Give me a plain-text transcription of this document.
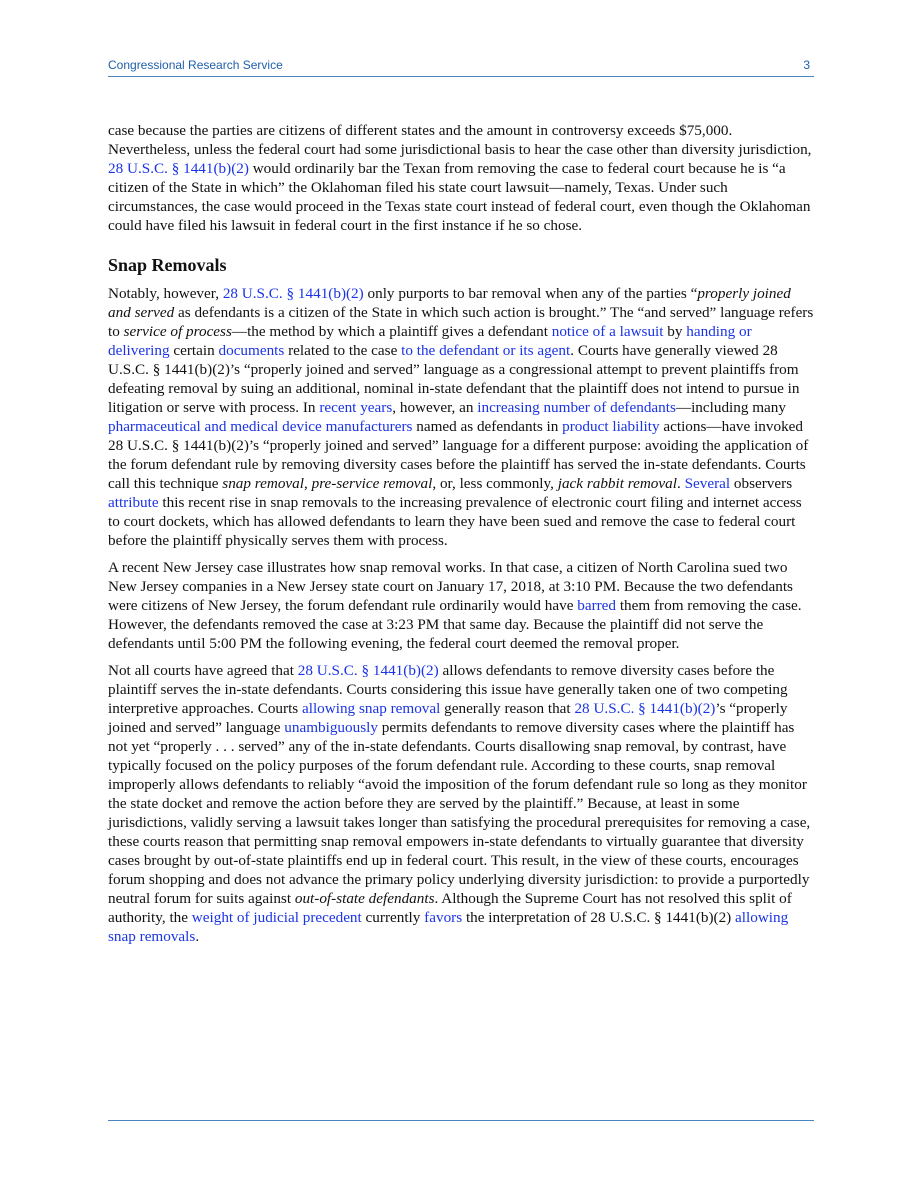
Congressional Research Service	3

case because the parties are citizens of different states and the amount in controversy exceeds $75,000. Nevertheless, unless the federal court had some jurisdictional basis to hear the case other than diversity jurisdiction, 28 U.S.C. § 1441(b)(2) would ordinarily bar the Texan from removing the case to federal court because he is “a citizen of the State in which” the Oklahoman filed his state court lawsuit—namely, Texas. Under such circumstances, the case would proceed in the Texas state court instead of federal court, even though the Oklahoman could have filed his lawsuit in federal court in the first instance if he so chose.

Snap Removals

Notably, however, 28 U.S.C. § 1441(b)(2) only purports to bar removal when any of the parties “properly joined and served as defendants is a citizen of the State in which such action is brought.” The “and served” language refers to service of process—the method by which a plaintiff gives a defendant notice of a lawsuit by handing or delivering certain documents related to the case to the defendant or its agent. Courts have generally viewed 28 U.S.C. § 1441(b)(2)’s “properly joined and served” language as a congressional attempt to prevent plaintiffs from defeating removal by suing an additional, nominal in-state defendant that the plaintiff does not intend to pursue in litigation or serve with process. In recent years, however, an increasing number of defendants—including many pharmaceutical and medical device manufacturers named as defendants in product liability actions—have invoked 28 U.S.C. § 1441(b)(2)’s “properly joined and served” language for a different purpose: avoiding the application of the forum defendant rule by removing diversity cases before the plaintiff has served the in-state defendants. Courts call this technique snap removal, pre-service removal, or, less commonly, jack rabbit removal. Several observers attribute this recent rise in snap removals to the increasing prevalence of electronic court filing and internet access to court dockets, which has allowed defendants to learn they have been sued and remove the case to federal court before the plaintiff physically serves them with process.

A recent New Jersey case illustrates how snap removal works. In that case, a citizen of North Carolina sued two New Jersey companies in a New Jersey state court on January 17, 2018, at 3:10 PM. Because the two defendants were citizens of New Jersey, the forum defendant rule ordinarily would have barred them from removing the case. However, the defendants removed the case at 3:23 PM that same day. Because the plaintiff did not serve the defendants until 5:00 PM the following evening, the federal court deemed the removal proper.

Not all courts have agreed that 28 U.S.C. § 1441(b)(2) allows defendants to remove diversity cases before the plaintiff serves the in-state defendants. Courts considering this issue have generally taken one of two competing interpretive approaches. Courts allowing snap removal generally reason that 28 U.S.C. § 1441(b)(2)’s “properly joined and served” language unambiguously permits defendants to remove diversity cases where the plaintiff has not yet “properly . . . served” any of the in-state defendants. Courts disallowing snap removal, by contrast, have typically focused on the policy purposes of the forum defendant rule. According to these courts, snap removal improperly allows defendants to reliably “avoid the imposition of the forum defendant rule so long as they monitor the state docket and remove the action before they are served by the plaintiff.” Because, at least in some jurisdictions, validly serving a lawsuit takes longer than satisfying the procedural prerequisites for removing a case, these courts reason that permitting snap removal empowers in-state defendants to virtually guarantee that diversity cases brought by out-of-state plaintiffs end up in federal court. This result, in the view of these courts, encourages forum shopping and does not advance the primary policy underlying diversity jurisdiction: to provide a purportedly neutral forum for suits against out-of-state defendants. Although the Supreme Court has not resolved this split of authority, the weight of judicial precedent currently favors the interpretation of 28 U.S.C. § 1441(b)(2) allowing snap removals.
